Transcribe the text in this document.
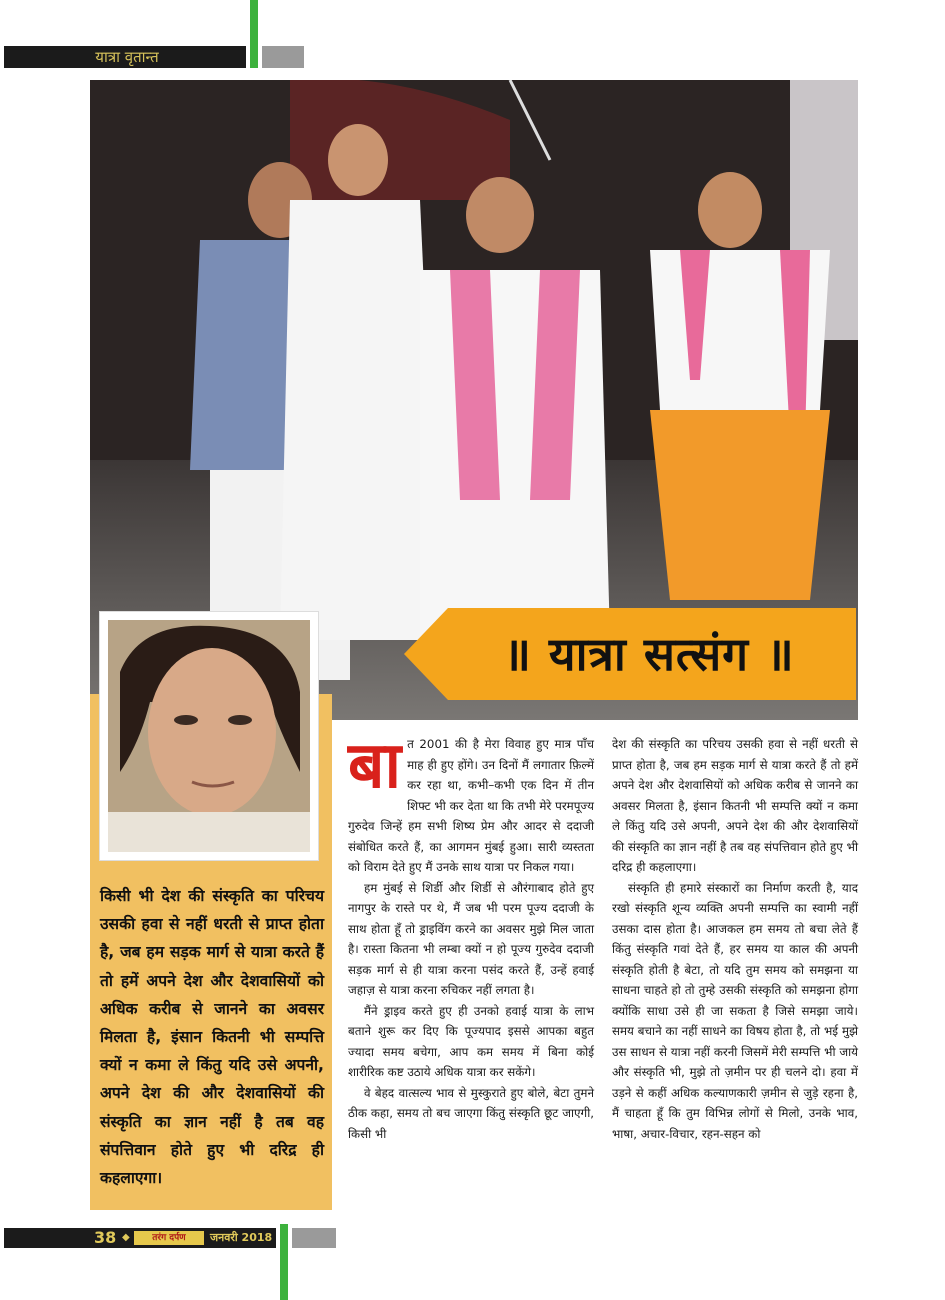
यात्रा वृतान्त
॥ यात्रा सत्संग ॥
किसी भी देश की संस्कृति का परिचय उसकी हवा से नहीं धरती से प्राप्त होता है, जब हम सड़क मार्ग से यात्रा करते हैं तो हमें अपने देश और देशवासियों को अधिक करीब से जानने का अवसर मिलता है, इंसान कितनी भी सम्पत्ति क्यों न कमा ले किंतु यदि उसे अपनी, अपने देश की और देशवासियों की संस्कृति का ज्ञान नहीं है तब वह संपत्तिवान होते हुए भी दरिद्र ही कहलाएगा।
बा त 2001 की है मेरा विवाह हुए मात्र पाँच माह ही हुए होंगे। उन दिनों मैं लगातार फ़िल्में कर रहा था, कभी–कभी एक दिन में तीन शिफ्ट भी कर देता था कि तभी मेरे परमपूज्य गुरुदेव जिन्हें हम सभी शिष्य प्रेम और आदर से ददाजी संबोधित करते हैं, का आगमन मुंबई हुआ। सारी व्यस्तता को विराम देते हुए मैं उनके साथ यात्रा पर निकल गया।

हम मुंबई से शिर्डी और शिर्डी से औरंगाबाद होते हुए नागपुर के रास्ते पर थे, मैं जब भी परम पूज्य ददाजी के साथ होता हूँ तो ड्राइविंग करने का अवसर मुझे मिल जाता है। रास्ता कितना भी लम्बा क्यों न हो पूज्य गुरुदेव ददाजी सड़क मार्ग से ही यात्रा करना पसंद करते हैं, उन्हें हवाई जहाज़ से यात्रा करना रुचिकर नहीं लगता है।

मैंने ड्राइव करते हुए ही उनको हवाई यात्रा के लाभ बताने शुरू कर दिए कि पूज्यपाद इससे आपका बहुत ज्यादा समय बचेगा, आप कम समय में बिना कोई शारीरिक कष्ट उठाये अधिक यात्रा कर सकेंगे।

वे बेहद वात्सल्य भाव से मुस्कुराते हुए बोले, बेटा तुमने ठीक कहा, समय तो बच जाएगा किंतु संस्कृति छूट जाएगी, किसी भी

देश की संस्कृति का परिचय उसकी हवा से नहीं धरती से प्राप्त होता है, जब हम सड़क मार्ग से यात्रा करते हैं तो हमें अपने देश और देशवासियों को अधिक करीब से जानने का अवसर मिलता है, इंसान कितनी भी सम्पत्ति क्यों न कमा ले किंतु यदि उसे अपनी, अपने देश की और देशवासियों की संस्कृति का ज्ञान नहीं है तब वह संपत्तिवान होते हुए भी दरिद्र ही कहलाएगा।

संस्कृति ही हमारे संस्कारों का निर्माण करती है, याद रखो संस्कृति शून्य व्यक्ति अपनी सम्पत्ति का स्वामी नहीं उसका दास होता है। आजकल हम समय तो बचा लेते हैं किंतु संस्कृति गवां देते हैं, हर समय या काल की अपनी संस्कृति होती है बेटा, तो यदि तुम समय को समझना या साधना चाहते हो तो तुम्हे उसकी संस्कृति को समझना होगा क्योंकि साधा उसे ही जा सकता है जिसे समझा जाये। समय बचाने का नहीं साधने का विषय होता है, तो भई मुझे उस साधन से यात्रा नहीं करनी जिसमें मेरी सम्पत्ति भी जाये और संस्कृति भी, मुझे तो ज़मीन पर ही चलने दो। हवा में उड़ने से कहीं अधिक कल्याणकारी ज़मीन से जुड़े रहना है, मैं चाहता हूँ कि तुम विभिन्न लोगों से मिलो, उनके भाव, भाषा, अचार-विचार, रहन-सहन को

38 ◆	तरंग दर्पण	जनवरी 2018
